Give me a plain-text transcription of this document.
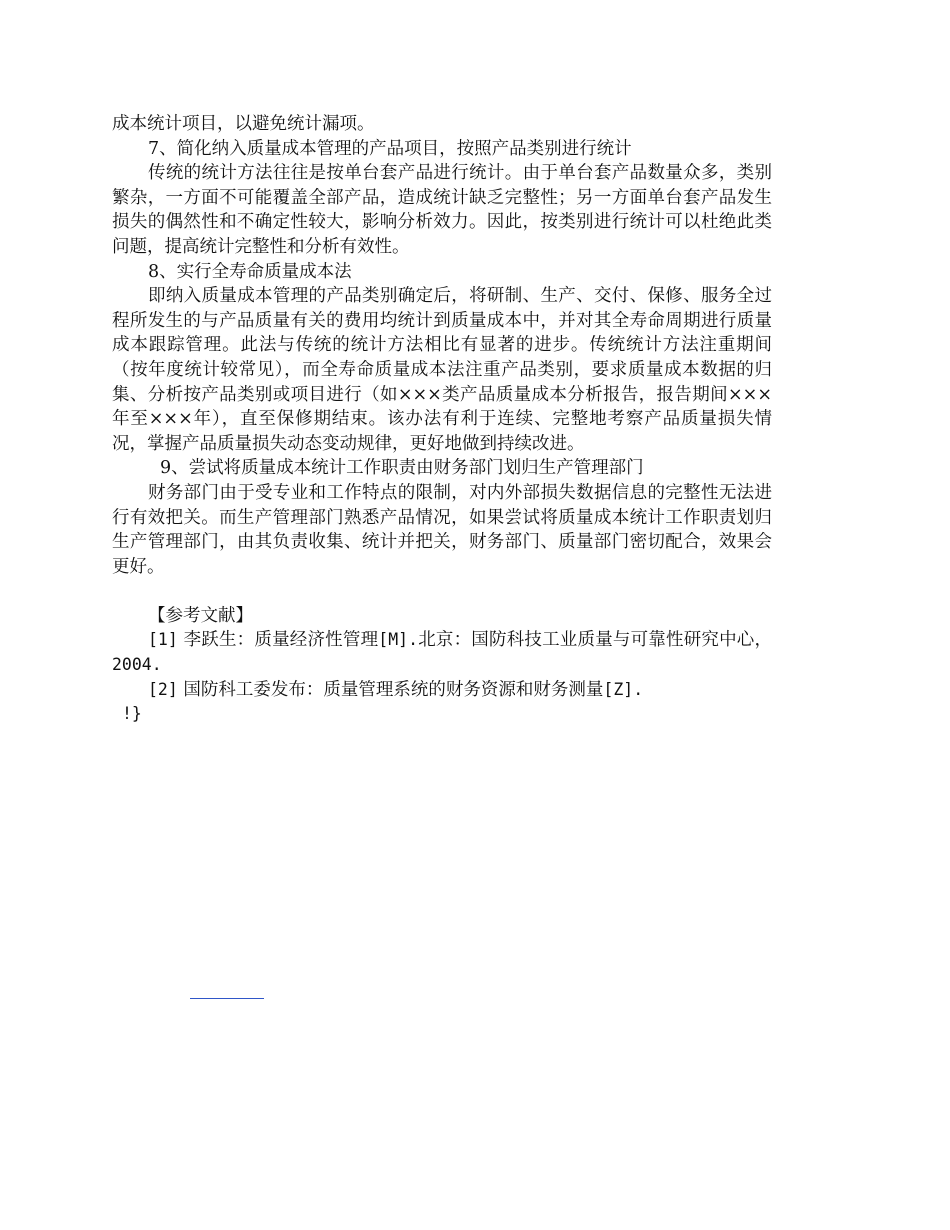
成本统计项目，以避免统计漏项。

7、简化纳入质量成本管理的产品项目，按照产品类别进行统计

传统的统计方法往往是按单台套产品进行统计。由于单台套产品数量众多，类别繁杂，一方面不可能覆盖全部产品，造成统计缺乏完整性；另一方面单台套产品发生损失的偶然性和不确定性较大，影响分析效力。因此，按类别进行统计可以杜绝此类问题，提高统计完整性和分析有效性。

8、实行全寿命质量成本法

即纳入质量成本管理的产品类别确定后，将研制、生产、交付、保修、服务全过程所发生的与产品质量有关的费用均统计到质量成本中，并对其全寿命周期进行质量成本跟踪管理。此法与传统的统计方法相比有显著的进步。传统统计方法注重期间（按年度统计较常见），而全寿命质量成本法注重产品类别，要求质量成本数据的归集、分析按产品类别或项目进行（如×××类产品质量成本分析报告，报告期间×××年至×××年），直至保修期结束。该办法有利于连续、完整地考察产品质量损失情况，掌握产品质量损失动态变动规律，更好地做到持续改进。

9、尝试将质量成本统计工作职责由财务部门划归生产管理部门

财务部门由于受专业和工作特点的限制，对内外部损失数据信息的完整性无法进行有效把关。而生产管理部门熟悉产品情况，如果尝试将质量成本统计工作职责划归生产管理部门，由其负责收集、统计并把关，财务部门、质量部门密切配合，效果会更好。

【参考文献】

[1] 李跃生：质量经济性管理[M].北京：国防科技工业质量与可靠性研究中心，2004.

[2] 国防科工委发布：质量管理系统的财务资源和财务测量[Z].

!}
